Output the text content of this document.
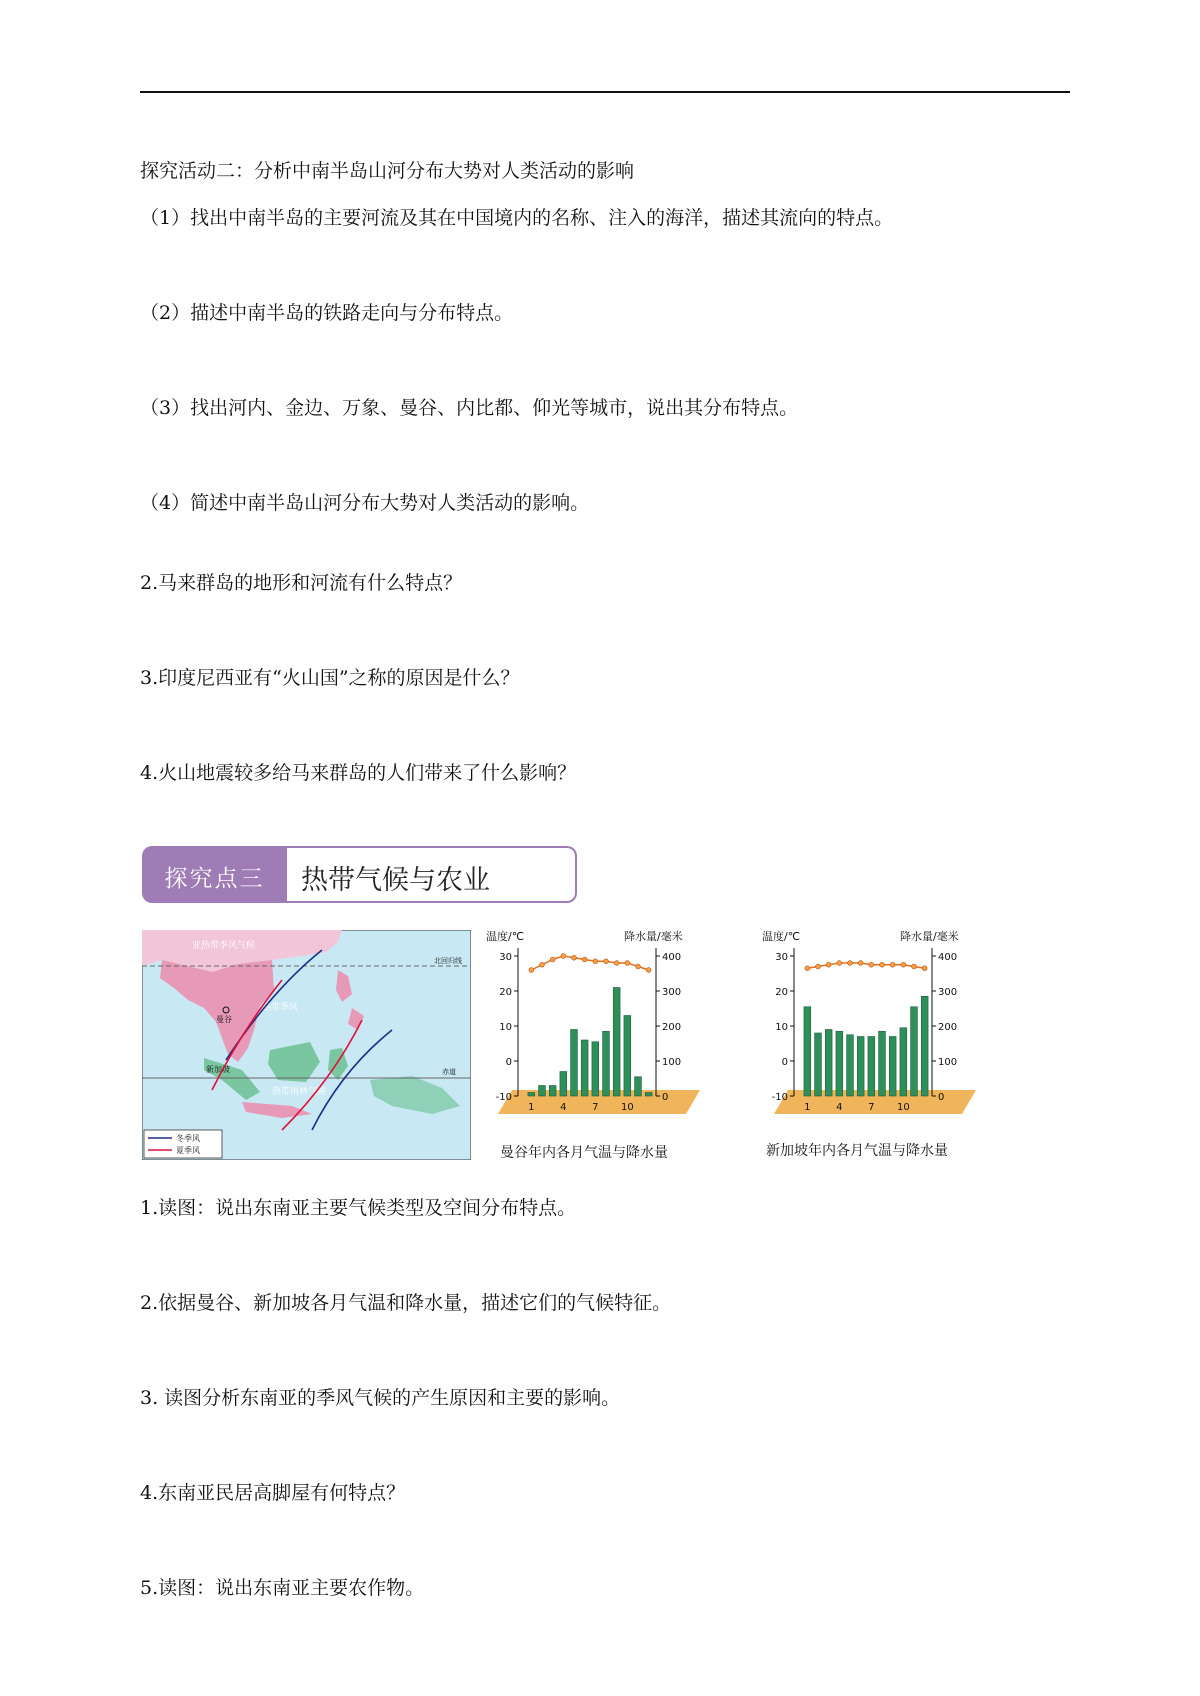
探究活动二：分析中南半岛山河分布大势对人类活动的影响
（1）找出中南半岛的主要河流及其在中国境内的名称、注入的海洋，描述其流向的特点。
（2）描述中南半岛的铁路走向与分布特点。
（3）找出河内、金边、万象、曼谷、内比都、仰光等城市，说出其分布特点。
（4）简述中南半岛山河分布大势对人类活动的影响。
2.马来群岛的地形和河流有什么特点？
3.印度尼西亚有“火山国”之称的原因是什么？
4.火山地震较多给马来群岛的人们带来了什么影响？
探究点三	热带气候与农业
北回归线
赤道
亚热带季风气候
热带季风
热带雨林气候
曼谷
新加坡
冬季风
夏季风
温度/℃	降水量/毫米
30
20
10
0
-10
400
300
200
100
0
1	4	7 10
曼谷年内各月气温与降水量
温度/℃	降水量/毫米
30
20
10
0
-10
400
300
200
100
0
1	4	7 10
新加坡年内各月气温与降水量
1.读图：说出东南亚主要气候类型及空间分布特点。
2.依据曼谷、新加坡各月气温和降水量，描述它们的气候特征。
3. 读图分析东南亚的季风气候的产生原因和主要的影响。
4.东南亚民居高脚屋有何特点？
5.读图：说出东南亚主要农作物。
